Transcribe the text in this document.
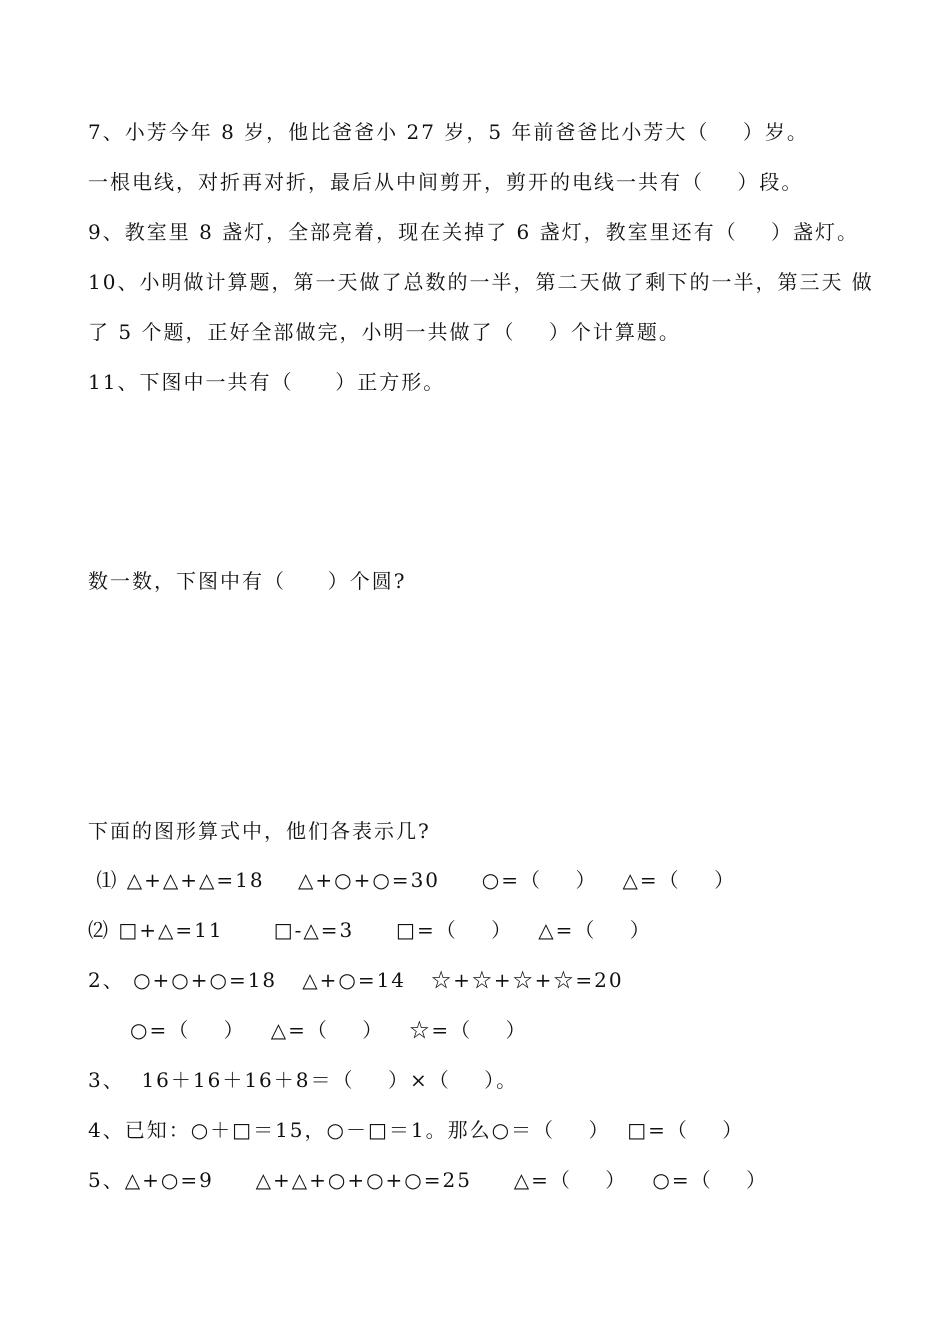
7、小芳今年 8 岁，他比爸爸小 27 岁，5 年前爸爸比小芳大（    ）岁。
一根电线，对折再对折，最后从中间剪开，剪开的电线一共有（    ）段。
9、教室里 8 盏灯，全部亮着，现在关掉了 6 盏灯，教室里还有（    ）盏灯。
10、小明做计算题，第一天做了总数的一半，第二天做了剩下的一半，第三天 做
了 5 个题，正好全部做完，小明一共做了（    ）个计算题。
11、下图中一共有（     ）正方形。
数一数，下图中有（     ）个圆?
下面的图形算式中，他们各表示几?
⑴ △+△+△=18    △+○+○=30     ○=（    ）   △=（    ）
⑵ □+△=11      □-△=3     □=（    ）   △=（    ）
2、 ○+○+○=18   △+○=14   ☆+☆+☆+☆=20
○=（    ）   △=（    ）   ☆=（    ）
3、  16＋16＋16＋8＝（    ）×（    ）。
4、已知：○＋□＝15，○－□＝1。那么○＝（    ）  □=（    ）
5、△+○=9     △+△+○+○+○=25     △=（    ）   ○=（    ）
